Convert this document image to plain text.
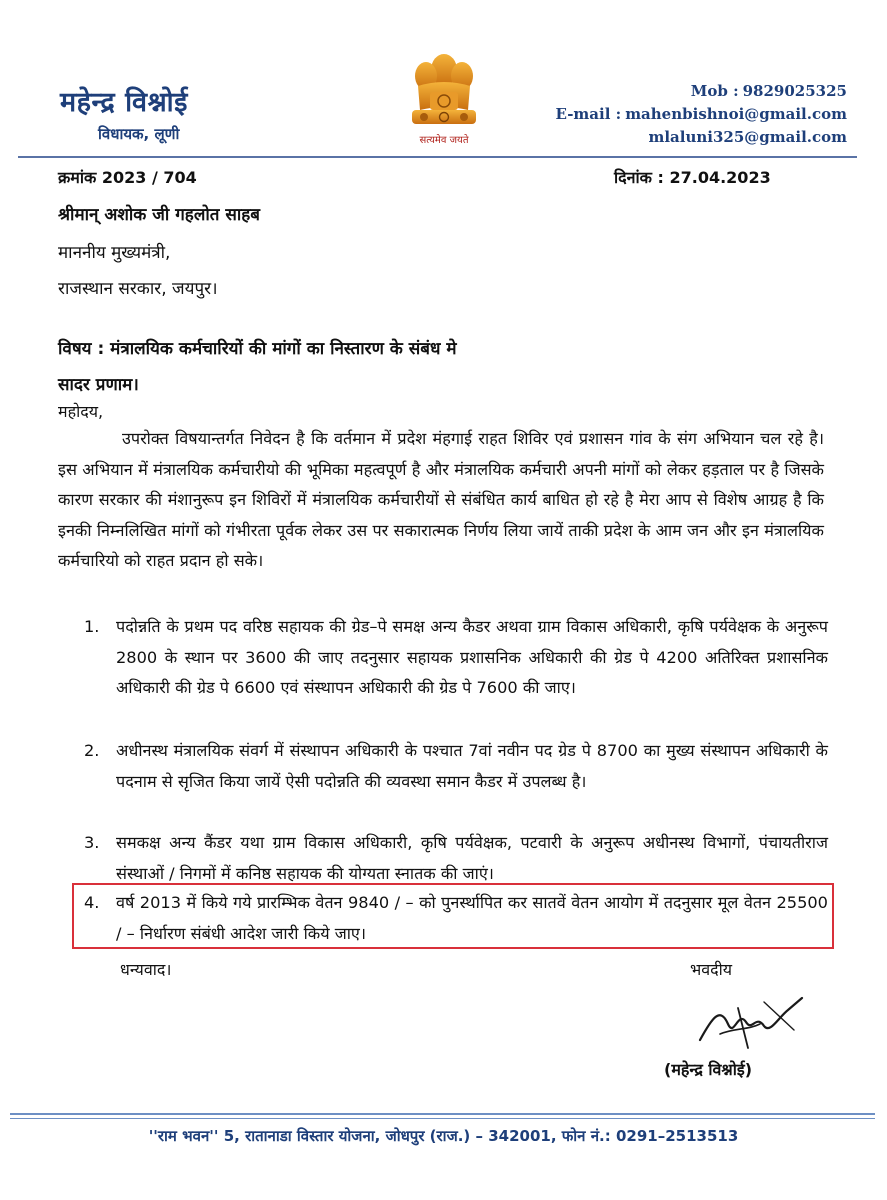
महेन्द्र विश्नोई
विधायक, लूणी	सत्यमेव जयते
Mob : 9829025325
E-mail : mahenbishnoi@gmail.com
mlaluni325@gmail.com
क्रमांक 2023 / 704	दिनांक : 27.04.2023
श्रीमान् अशोक जी गहलोत साहब
माननीय मुख्यमंत्री,
राजस्थान सरकार, जयपुर।
विषय : मंत्रालयिक कर्मचारियों की मांगों का निस्तारण के संबंध मे
सादर प्रणाम।
महोदय,

उपरोक्त विषयान्तर्गत निवेदन है कि वर्तमान में प्रदेश मंहगाई राहत शिविर एवं प्रशासन गांव के संग अभियान चल रहे है। इस अभियान में मंत्रालयिक कर्मचारीयो की भूमिका महत्वपूर्ण है और मंत्रालयिक कर्मचारी अपनी मांगों को लेकर हड़ताल पर है जिसके कारण सरकार की मंशानुरूप इन शिविरों में मंत्रालयिक कर्मचारीयों से संबंधित कार्य बाधित हो रहे है मेरा आप से विशेष आग्रह है कि इनकी निम्नलिखित मांगों को गंभीरता पूर्वक लेकर उस पर सकारात्मक निर्णय लिया जायें ताकी प्रदेश के आम जन और इन मंत्रालयिक कर्मचारियो को राहत प्रदान हो सके।

1.	पदोन्नति के प्रथम पद वरिष्ठ सहायक की ग्रेड–पे समक्ष अन्य कैडर अथवा ग्राम विकास अधिकारी, कृषि पर्यवेक्षक के अनुरूप 2800 के स्थान पर 3600 की जाए तदनुसार सहायक प्रशासनिक अधिकारी की ग्रेड पे 4200 अतिरिक्त प्रशासनिक अधिकारी की ग्रेड पे 6600 एवं संस्थापन अधिकारी की ग्रेड पे 7600 की जाए।
2.	अधीनस्थ मंत्रालयिक संवर्ग में संस्थापन अधिकारी के पश्चात 7वां नवीन पद ग्रेड पे 8700 का मुख्य संस्थापन अधिकारी के पदनाम से सृजित किया जायें ऐसी पदोन्नति की व्यवस्था समान कैडर में उपलब्ध है।
3.	समकक्ष अन्य कैंडर यथा ग्राम विकास अधिकारी, कृषि पर्यवेक्षक, पटवारी के अनुरूप अधीनस्थ विभागों, पंचायतीराज संस्थाओं / निगमों में कनिष्ठ सहायक की योग्यता स्नातक की जाएं।
4.	वर्ष 2013 में किये गये प्रारम्भिक वेतन 9840 / – को पुनर्स्थापित कर सातवें वेतन आयोग में तदनुसार मूल वेतन 25500 / – निर्धारण संबंधी आदेश जारी किये जाए।
धन्यवाद।	भवदीय
(महेन्द्र विश्नोई)
''राम भवन'' 5, रातानाडा विस्तार योजना, जोधपुर (राज.) – 342001, फोन नं.: 0291–2513513
